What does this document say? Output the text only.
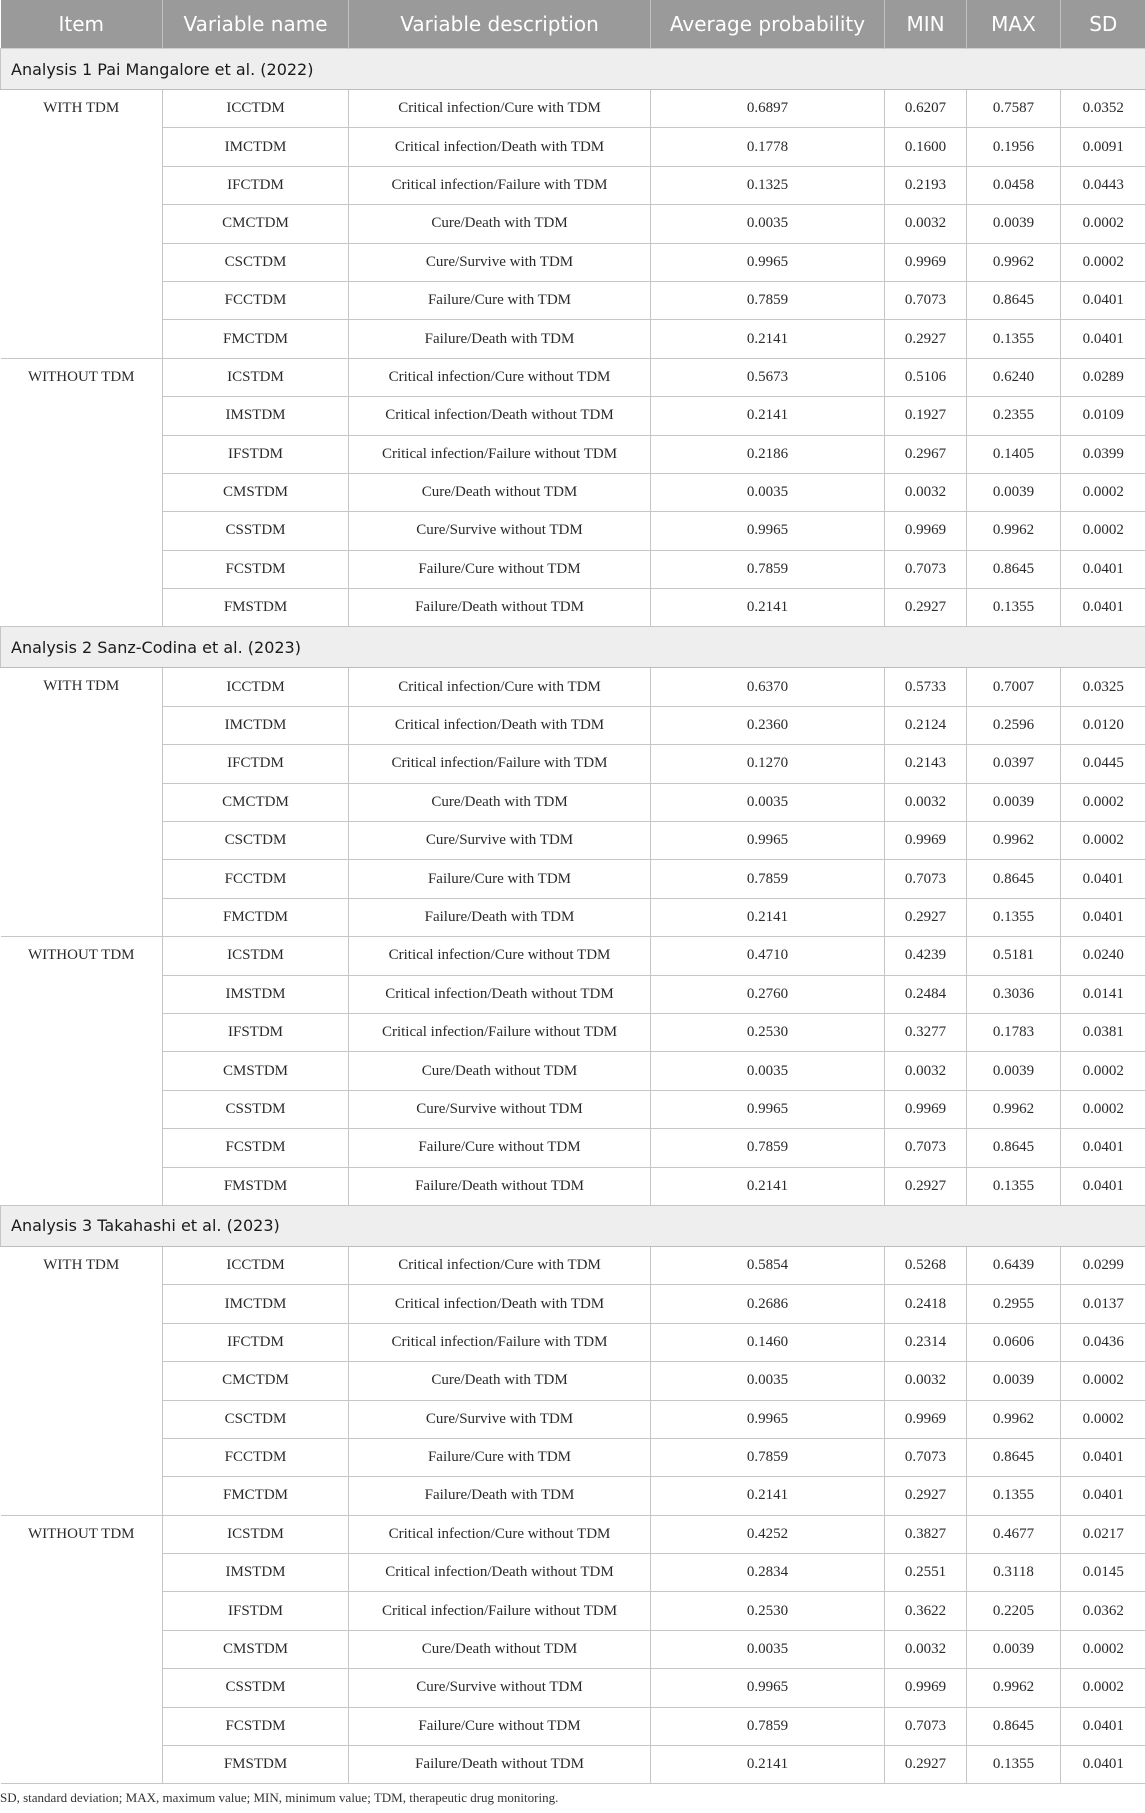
Item	Variable name	Variable description	Average probability	MIN	MAX	SD
Analysis 1 Pai Mangalore et al. (2022)						
WITH TDM	ICCTDM	Critical infection/Cure with TDM	0.6897	0.6207	0.7587	0.0352
	IMCTDM	Critical infection/Death with TDM	0.1778	0.1600	0.1956	0.0091
	IFCTDM	Critical infection/Failure with TDM	0.1325	0.2193	0.0458	0.0443
	CMCTDM	Cure/Death with TDM	0.0035	0.0032	0.0039	0.0002
	CSCTDM	Cure/Survive with TDM	0.9965	0.9969	0.9962	0.0002
	FCCTDM	Failure/Cure with TDM	0.7859	0.7073	0.8645	0.0401
	FMCTDM	Failure/Death with TDM	0.2141	0.2927	0.1355	0.0401
WITHOUT TDM	ICSTDM	Critical infection/Cure without TDM	0.5673	0.5106	0.6240	0.0289
	IMSTDM	Critical infection/Death without TDM	0.2141	0.1927	0.2355	0.0109
	IFSTDM	Critical infection/Failure without TDM	0.2186	0.2967	0.1405	0.0399
	CMSTDM	Cure/Death without TDM	0.0035	0.0032	0.0039	0.0002
	CSSTDM	Cure/Survive without TDM	0.9965	0.9969	0.9962	0.0002
	FCSTDM	Failure/Cure without TDM	0.7859	0.7073	0.8645	0.0401
	FMSTDM	Failure/Death without TDM	0.2141	0.2927	0.1355	0.0401
Analysis 2 Sanz-Codina et al. (2023)						
WITH TDM	ICCTDM	Critical infection/Cure with TDM	0.6370	0.5733	0.7007	0.0325
	IMCTDM	Critical infection/Death with TDM	0.2360	0.2124	0.2596	0.0120
	IFCTDM	Critical infection/Failure with TDM	0.1270	0.2143	0.0397	0.0445
	CMCTDM	Cure/Death with TDM	0.0035	0.0032	0.0039	0.0002
	CSCTDM	Cure/Survive with TDM	0.9965	0.9969	0.9962	0.0002
	FCCTDM	Failure/Cure with TDM	0.7859	0.7073	0.8645	0.0401
	FMCTDM	Failure/Death with TDM	0.2141	0.2927	0.1355	0.0401
WITHOUT TDM	ICSTDM	Critical infection/Cure without TDM	0.4710	0.4239	0.5181	0.0240
	IMSTDM	Critical infection/Death without TDM	0.2760	0.2484	0.3036	0.0141
	IFSTDM	Critical infection/Failure without TDM	0.2530	0.3277	0.1783	0.0381
	CMSTDM	Cure/Death without TDM	0.0035	0.0032	0.0039	0.0002
	CSSTDM	Cure/Survive without TDM	0.9965	0.9969	0.9962	0.0002
	FCSTDM	Failure/Cure without TDM	0.7859	0.7073	0.8645	0.0401
	FMSTDM	Failure/Death without TDM	0.2141	0.2927	0.1355	0.0401
Analysis 3 Takahashi et al. (2023)						
WITH TDM	ICCTDM	Critical infection/Cure with TDM	0.5854	0.5268	0.6439	0.0299
	IMCTDM	Critical infection/Death with TDM	0.2686	0.2418	0.2955	0.0137
	IFCTDM	Critical infection/Failure with TDM	0.1460	0.2314	0.0606	0.0436
	CMCTDM	Cure/Death with TDM	0.0035	0.0032	0.0039	0.0002
	CSCTDM	Cure/Survive with TDM	0.9965	0.9969	0.9962	0.0002
	FCCTDM	Failure/Cure with TDM	0.7859	0.7073	0.8645	0.0401
	FMCTDM	Failure/Death with TDM	0.2141	0.2927	0.1355	0.0401
WITHOUT TDM	ICSTDM	Critical infection/Cure without TDM	0.4252	0.3827	0.4677	0.0217
	IMSTDM	Critical infection/Death without TDM	0.2834	0.2551	0.3118	0.0145
	IFSTDM	Critical infection/Failure without TDM	0.2530	0.3622	0.2205	0.0362
	CMSTDM	Cure/Death without TDM	0.0035	0.0032	0.0039	0.0002
	CSSTDM	Cure/Survive without TDM	0.9965	0.9969	0.9962	0.0002
	FCSTDM	Failure/Cure without TDM	0.7859	0.7073	0.8645	0.0401
	FMSTDM	Failure/Death without TDM	0.2141	0.2927	0.1355	0.0401
SD, standard deviation; MAX, maximum value; MIN, minimum value; TDM, therapeutic drug monitoring.
